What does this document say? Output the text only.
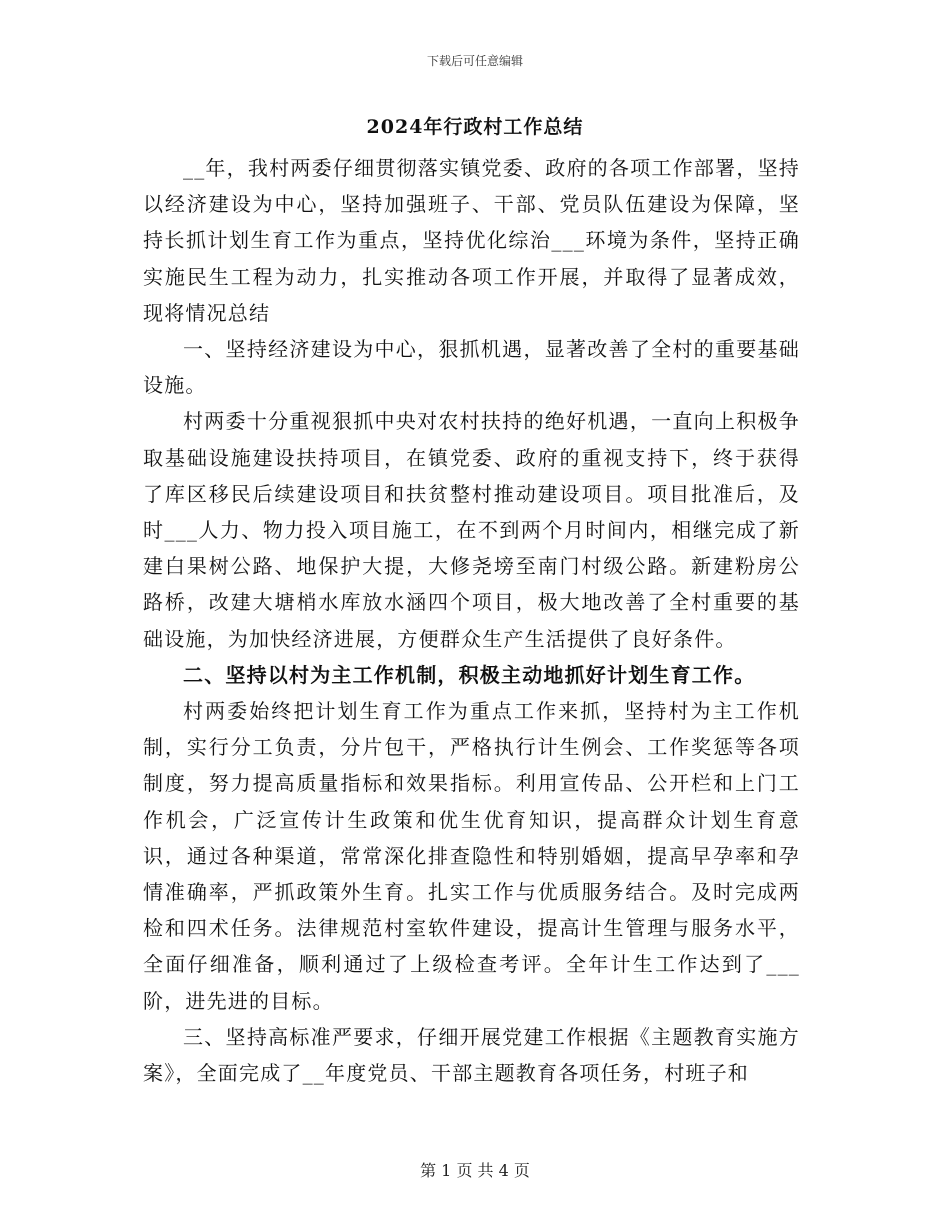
下载后可任意编辑
2024年行政村工作总结

__年，我村两委仔细贯彻落实镇党委、政府的各项工作部署，坚持以经济建设为中心，坚持加强班子、干部、党员队伍建设为保障，坚持长抓计划生育工作为重点，坚持优化综治___环境为条件，坚持正确实施民生工程为动力，扎实推动各项工作开展，并取得了显著成效，现将情况总结

一、坚持经济建设为中心，狠抓机遇，显著改善了全村的重要基础设施。

村两委十分重视狠抓中央对农村扶持的绝好机遇，一直向上积极争取基础设施建设扶持项目，在镇党委、政府的重视支持下，终于获得了库区移民后续建设项目和扶贫整村推动建设项目。项目批准后，及时___人力、物力投入项目施工，在不到两个月时间内，相继完成了新建白果树公路、地保护大提，大修尧塝至南门村级公路。新建粉房公路桥，改建大塘梢水库放水涵四个项目，极大地改善了全村重要的基础设施，为加快经济进展，方便群众生产生活提供了良好条件。

二、坚持以村为主工作机制，积极主动地抓好计划生育工作。

村两委始终把计划生育工作为重点工作来抓，坚持村为主工作机制，实行分工负责，分片包干，严格执行计生例会、工作奖惩等各项制度，努力提高质量指标和效果指标。利用宣传品、公开栏和上门工作机会，广泛宣传计生政策和优生优育知识，提高群众计划生育意识，通过各种渠道，常常深化排查隐性和特别婚姻，提高早孕率和孕情准确率，严抓政策外生育。扎实工作与优质服务结合。及时完成两检和四术任务。法律规范村室软件建设，提高计生管理与服务水平，全面仔细准备，顺利通过了上级检查考评。全年计生工作达到了___阶，进先进的目标。

三、坚持高标准严要求，仔细开展党建工作根据《主题教育实施方案》，全面完成了__年度党员、干部主题教育各项任务，村班子和

第 1 页 共 4 页
